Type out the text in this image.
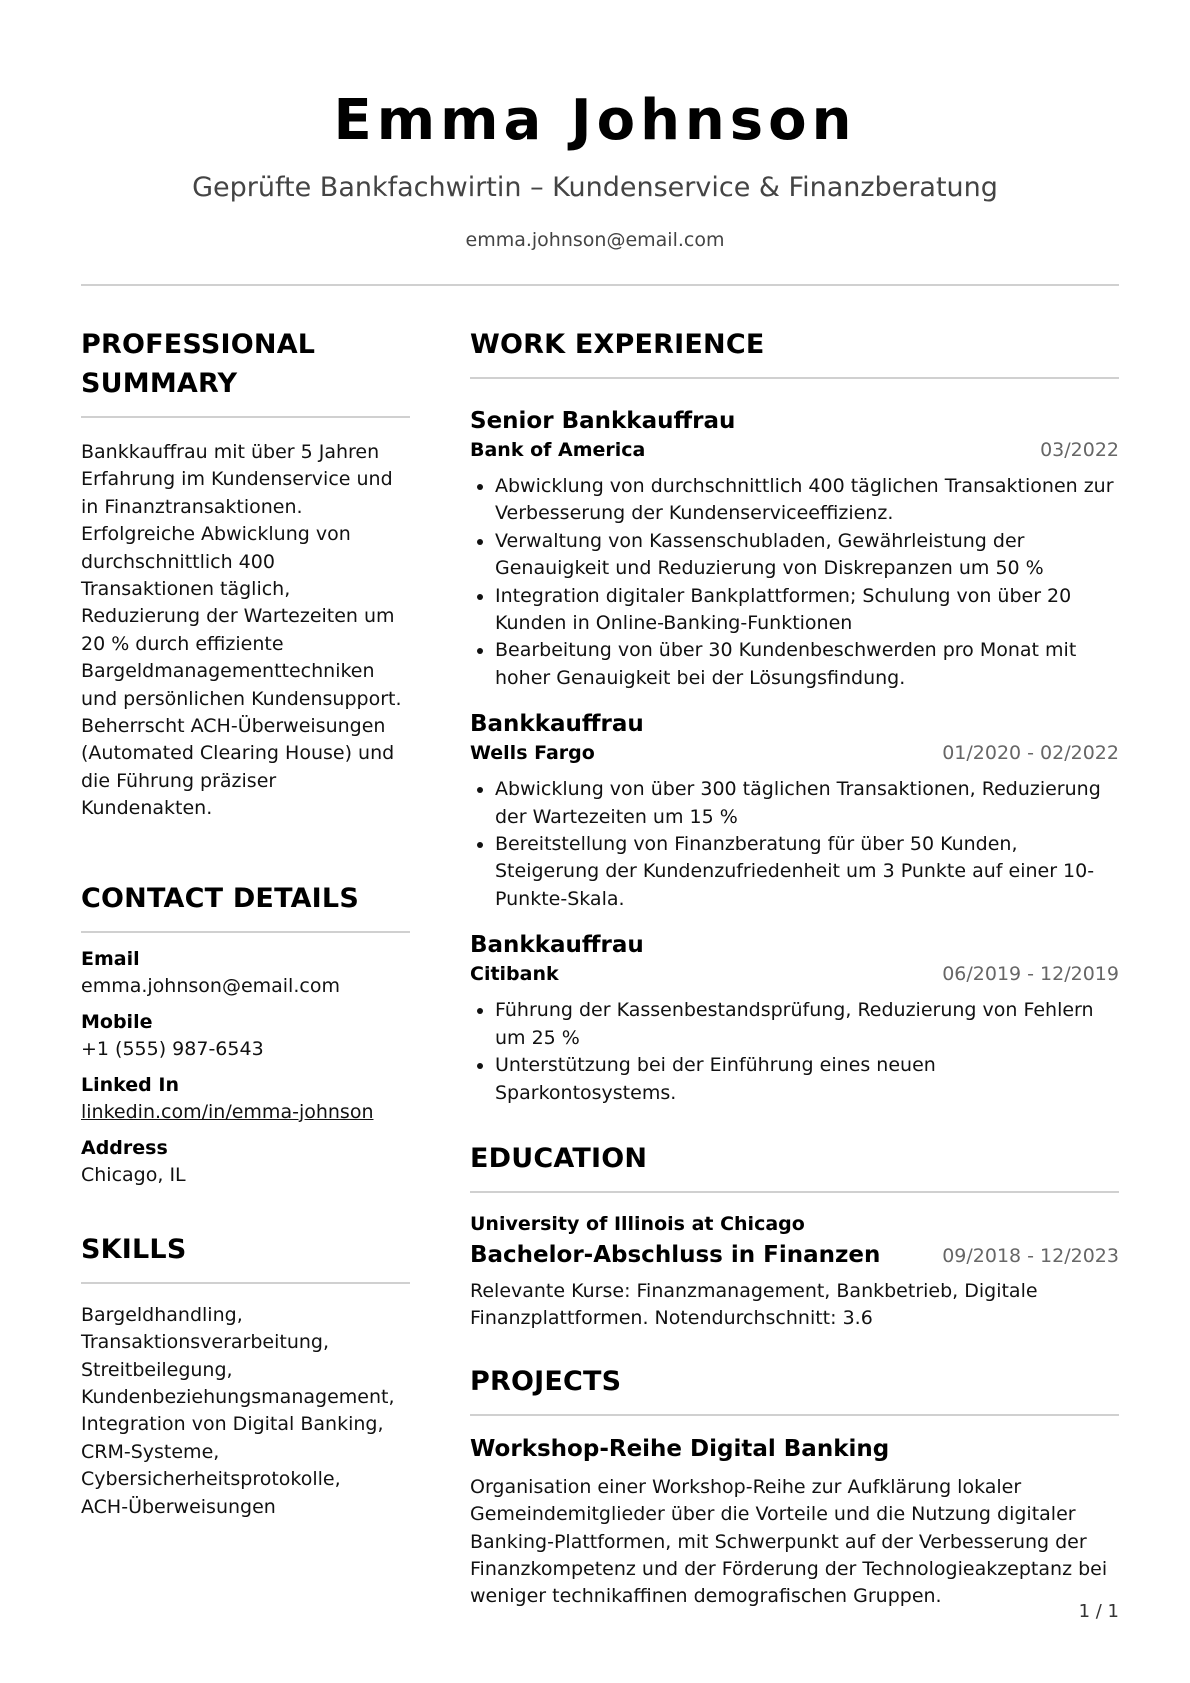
Emma Johnson
Geprüfte Bankfachwirtin – Kundenservice & Finanzberatung
emma.johnson@email.com
PROFESSIONAL
SUMMARY
Bankkauffrau mit über 5 Jahren Erfahrung im Kundenservice und in Finanztransaktionen. Erfolgreiche Abwicklung von durchschnittlich 400 Transaktionen täglich, Reduzierung der Wartezeiten um 20 % durch effiziente Bargeldmanagementtechniken und persönlichen Kundensupport. Beherrscht ACH-Überweisungen (Automated Clearing House) und die Führung präziser Kundenakten.
CONTACT DETAILS
Email
emma.johnson@email.com
Mobile
+1 (555) 987-6543
Linked In
linkedin.com/in/emma-johnson
Address
Chicago, IL
SKILLS
Bargeldhandling,
Transaktionsverarbeitung,
Streitbeilegung,
Kundenbeziehungsmanagement,
Integration von Digital Banking,
CRM-Systeme,
Cybersicherheitsprotokolle,
ACH-Überweisungen
WORK EXPERIENCE
Senior Bankkauffrau
Bank of America	03/2022
Abwicklung von durchschnittlich 400 täglichen Transaktionen zur Verbesserung der Kundenserviceeffizienz.
Verwaltung von Kassenschubladen, Gewährleistung der Genauigkeit und Reduzierung von Diskrepanzen um 50 %
Integration digitaler Bankplattformen; Schulung von über 20 Kunden in Online-Banking-Funktionen
Bearbeitung von über 30 Kundenbeschwerden pro Monat mit hoher Genauigkeit bei der Lösungsfindung.
Bankkauffrau
Wells Fargo	01/2020 - 02/2022
Abwicklung von über 300 täglichen Transaktionen, Reduzierung der Wartezeiten um 15 %
Bereitstellung von Finanzberatung für über 50 Kunden, Steigerung der Kundenzufriedenheit um 3 Punkte auf einer 10-Punkte-Skala.
Bankkauffrau
Citibank	06/2019 - 12/2019
Führung der Kassenbestandsprüfung, Reduzierung von Fehlern um 25 %
Unterstützung bei der Einführung eines neuen Sparkontosystems.
EDUCATION
University of Illinois at Chicago
Bachelor-Abschluss in Finanzen	09/2018 - 12/2023
Relevante Kurse: Finanzmanagement, Bankbetrieb, Digitale Finanzplattformen. Notendurchschnitt: 3.6
PROJECTS
Workshop-Reihe Digital Banking
Organisation einer Workshop-Reihe zur Aufklärung lokaler Gemeindemitglieder über die Vorteile und die Nutzung digitaler Banking-Plattformen, mit Schwerpunkt auf der Verbesserung der Finanzkompetenz und der Förderung der Technologieakzeptanz bei weniger technikaffinen demografischen Gruppen.
1 / 1
